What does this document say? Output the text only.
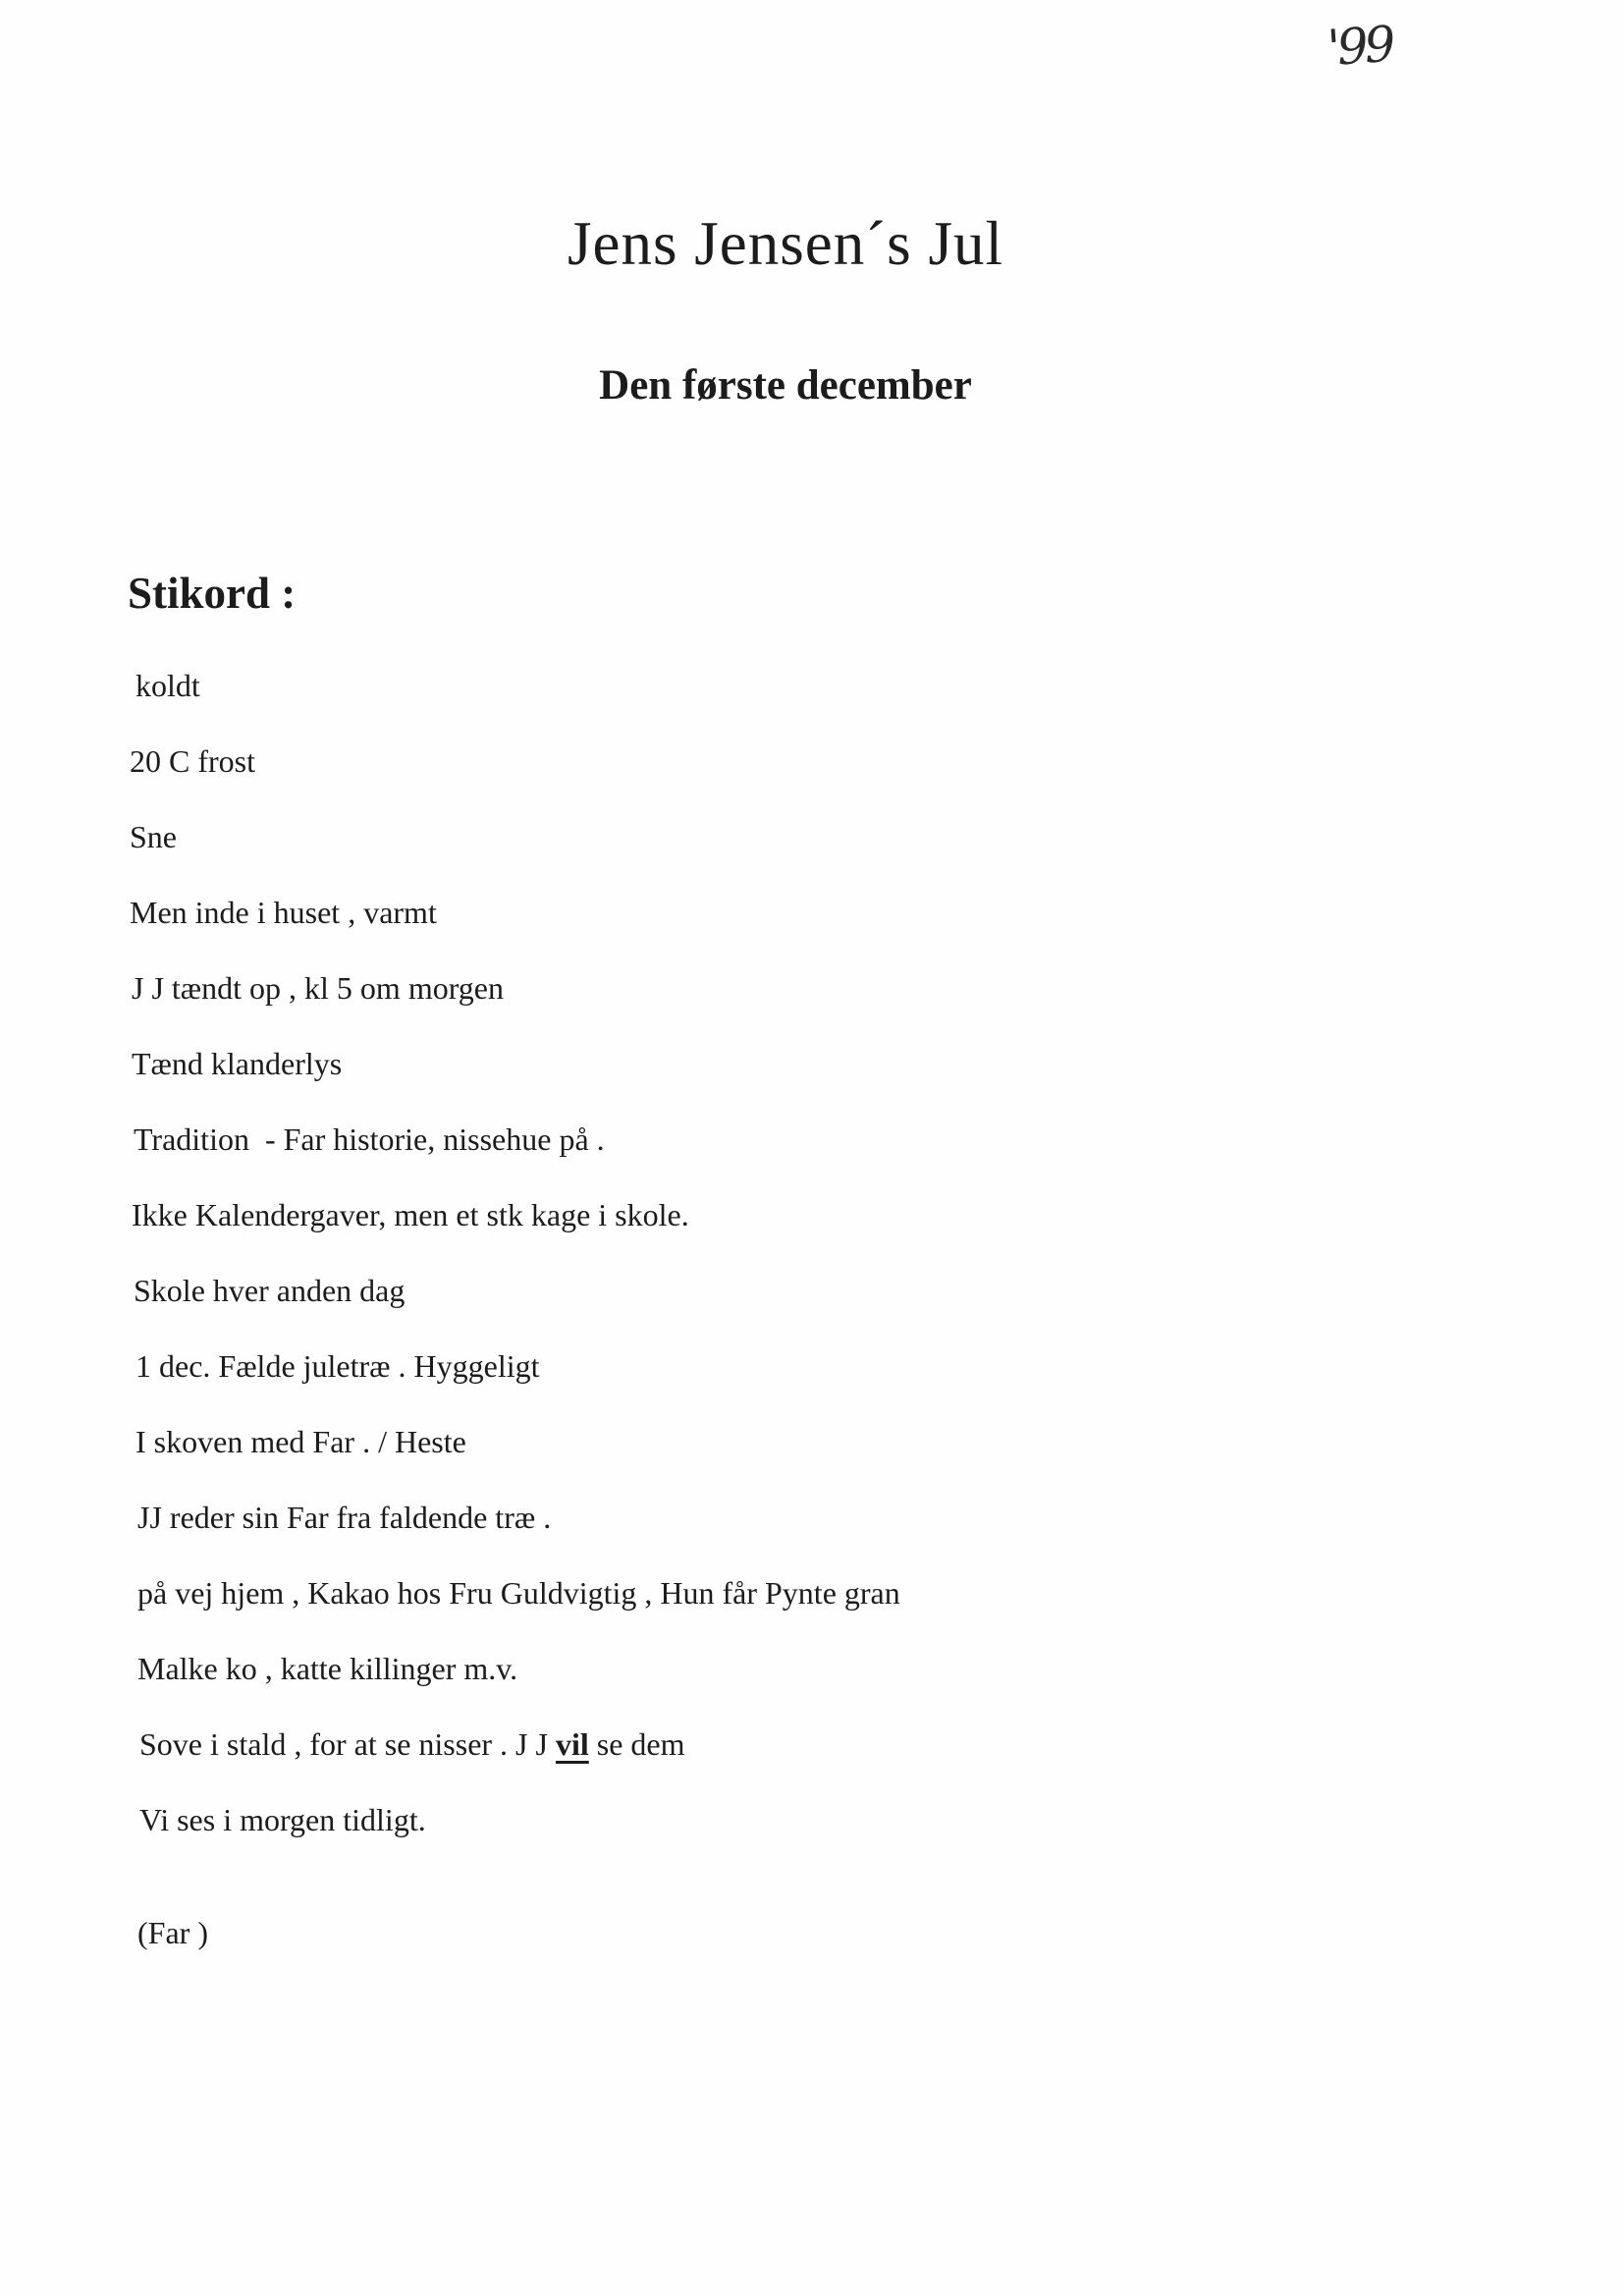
'99
Jens Jensen´s Jul
Den første december
Stikord :
koldt
20 C frost
Sne
Men inde i huset , varmt
J J tændt op , kl 5 om morgen
Tænd klanderlys
Tradition  - Far historie, nissehue på .
Ikke Kalendergaver, men et stk kage i skole.
Skole hver anden dag
1 dec. Fælde juletræ . Hyggeligt
I skoven med Far . / Heste
JJ reder sin Far fra faldende træ .
på vej hjem , Kakao hos Fru Guldvigtig , Hun får Pynte gran
Malke ko , katte killinger m.v.
Sove i stald , for at se nisser . J J vil se dem
Vi ses i morgen tidligt.
(Far )
